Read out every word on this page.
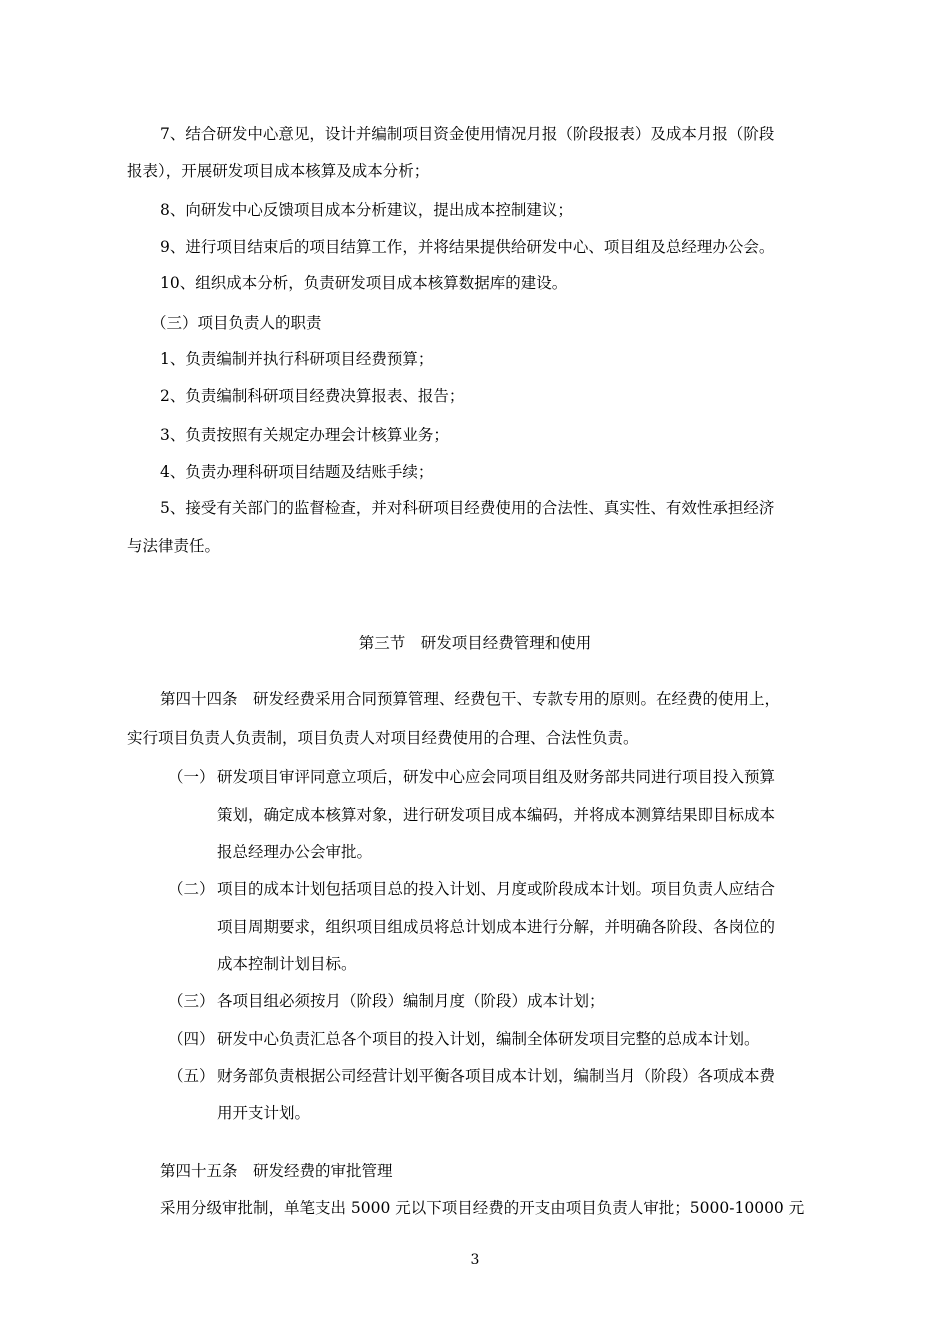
7、结合研发中心意见，设计并编制项目资金使用情况月报（阶段报表）及成本月报（阶段
报表），开展研发项目成本核算及成本分析；
8、向研发中心反馈项目成本分析建议，提出成本控制建议；
9、进行项目结束后的项目结算工作，并将结果提供给研发中心、项目组及总经理办公会。
10、组织成本分析，负责研发项目成本核算数据库的建设。
（三）项目负责人的职责
1、负责编制并执行科研项目经费预算；
2、负责编制科研项目经费决算报表、报告；
3、负责按照有关规定办理会计核算业务；
4、负责办理科研项目结题及结账手续；
5、接受有关部门的监督检查，并对科研项目经费使用的合法性、真实性、有效性承担经济
与法律责任。
第三节　研发项目经费管理和使用
第四十四条　研发经费采用合同预算管理、经费包干、专款专用的原则。在经费的使用上，
实行项目负责人负责制，项目负责人对项目经费使用的合理、合法性负责。
（一） 研发项目审评同意立项后，研发中心应会同项目组及财务部共同进行项目投入预算
策划，确定成本核算对象，进行研发项目成本编码，并将成本测算结果即目标成本
报总经理办公会审批。
（二） 项目的成本计划包括项目总的投入计划、月度或阶段成本计划。项目负责人应结合
项目周期要求，组织项目组成员将总计划成本进行分解，并明确各阶段、各岗位的
成本控制计划目标。
（三） 各项目组必须按月（阶段）编制月度（阶段）成本计划；
（四） 研发中心负责汇总各个项目的投入计划，编制全体研发项目完整的总成本计划。
（五） 财务部负责根据公司经营计划平衡各项目成本计划，编制当月（阶段）各项成本费
用开支计划。
第四十五条　研发经费的审批管理
采用分级审批制，单笔支出 5000 元以下项目经费的开支由项目负责人审批；5000-10000 元
3
